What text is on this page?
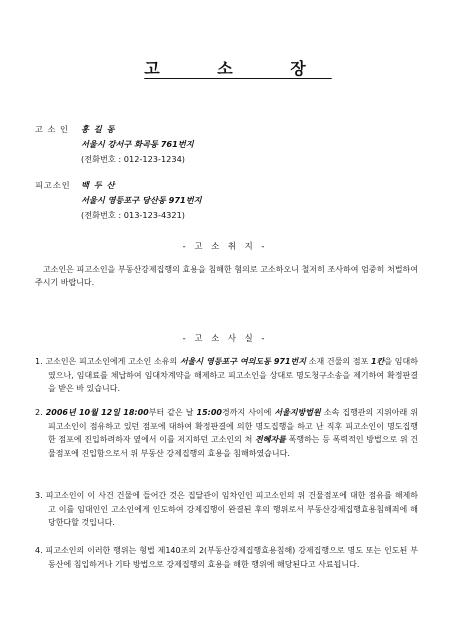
고 소 장
고 소 인 홍 길 동
서울시 강서구 화곡동 761번지
(전화번호 : 012-123-1234)
피고소인 백 두 산
서울시 영등포구 당산동 971번지
(전화번호 : 013-123-4321)
- 고 소 취 지 -
고소인은 피고소인을 부동산강제집행의 효용을 침해한 혐의로 고소하오니 철저히 조사하여 엄중히 처벌하여 주시기 바랍니다.
- 고 소 사 실 -
1. 고소인은 피고소인에게 고소인 소유의 서울시 영등포구 여의도동 971번지 소재 건물의 점포 1칸을 임대하였으나, 임대료를 체납하여 임대차계약을 해제하고 피고소인을 상대로 명도청구소송을 제기하여 확정판결을 받은 바 있습니다.
2. 2006년 10월 12일 18:00부터 같은 날 15:00경까지 사이에 서울지방법원 소속 집행관의 지위아래 위 피고소인이 점유하고 있던 점포에 대하여 확정판결에 의한 명도집행을 하고 난 직후 피고소인이 명도집행 한 점포에 진입하려하자 옆에서 이를 저지하던 고소인의 처 전혜자를 폭행하는 등 폭력적인 방법으로 위 건물점포에 진입함으로서 위 부동산 강제집행의 효용을 침해하였습니다.
3. 피고소인이 이 사건 건물에 들어간 것은 집달관이 임차인인 피고소인의 위 건물점포에 대한 점유를 해제하고 이를 임대인인 고소인에게 인도하여 강제집행이 완결된 후의 행위로서 부동산강제집행효용침해죄에 해당한다할 것입니다.
4. 피고소인의 이러한 행위는 형법 제140조의 2(부동산강제집행효용침해) 강제집행으로 명도 또는 인도된 부동산에 침입하거나 기타 방법으로 강제집행의 효용을 해한 행위에 해당된다고 사료됩니다.
